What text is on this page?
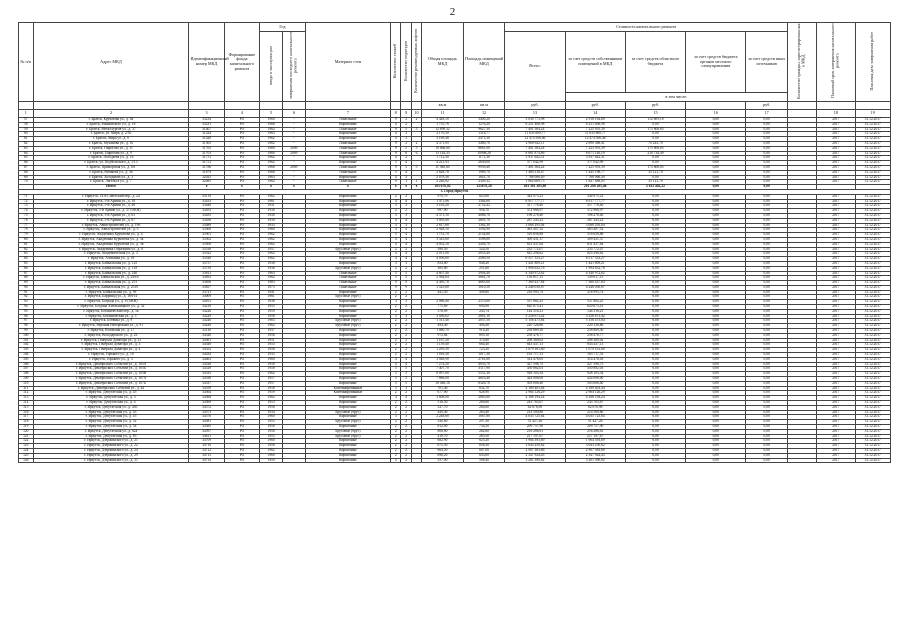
2
№ п/п	Адрес МКД	Идентификационный номер МКД	Формирование фонда капитального ремонта	Год		Материал стен	Количество этажей	Количество подъездов	Количество рекомендуемых лифтов	Общая площадь МКД	Площадь помещений МКД	Стоимость капитального ремонта					Количество граждан, зарегистрированных в МКД	Плановый срок завершения капитального ремонта	Плановая дата завершения работ
				ввода в эксплуатацию	завершения последнего капитального ремонта							Всего:	за счет средств собственников помещений в МКД	за счет средств областного бюджета	за счет средств бюджета органов местного самоуправления	за счет средств иных источников			
													в том числе:						
										кв.м	кв.м	руб.	руб.	руб.		руб.			
1	2	3	4	5	6	7	8	9	10	11	12	13	14	15	16	17		18	19
57	г. Братск, Курчатова ул., д. 64	33234	РО	1960	-	Панельные	9	2	2	4 428,10	3400,20	3 030 773,98	2 918 164,80	112 609,18	0,00	0,00		2017	31.12.2017
58	г. Братск, Маяковского ул., д. 18	33231	РО	1968	-	Кирпичные	4	2		1 755,76	1276,20	6 251 406,98	6 251 406,98	0,00	0,00	0,00		2017	31.12.2017
59	г. Братск, Металлургов ул., д. 37	31407	РО	1962	-	Панельные	9	5	5	12 899,32	9627,30	7 401 564,24	7 225 955,39	175 608,85	0,00	0,00		2017	31.12.2017
60	г. Братск, ул. Мира, д. 2/30	31424	РО	1963	-	Кирпичные	4	3		2 170,30	1318,77	11 635 800,77	11 635 800,77	0,00	0,00	0,00		2017	31.12.2017
61	г. Братск, Мира ул., д. 6	31420	РО	1962	-	Кирпичные	4	3		3 169,48	2473,30	12 474 506,46	12 474 506,46	0,00	0,00	0,00		2017	31.12.2017
62	г. Братск, Муханова ул., д. 16	31503	РО	1982	-	Панельные	9	2	2	4 371,95	3480,70	2 960 632,11	2 890 388,41	70 243,70	0,00	0,00		2017	31.12.2017
63	г. Братск, Пирогова ул., д. 11	31705	РО	1980	2009	Панельные	9	5	5	10 666,60	8681,00	7 401 564,24	7 225 955,39	175 608,85	0,00	0,00		2017	31.12.2017
64	г. Братск, Пирогова ул., д. 9	31703	РО	1980	2009	Панельные	9	6	6	13 144,35	10908,28	8 881 874,86	8 671 140,19	210 734,49	0,00	0,00		2017	31.12.2017
65	г. Братск, Погодаева ул., д. 16	31751	РО	1962	-	Кирпичные	4	2		1 712,30	1171,30	3 937 642,31	3 937 642,31	0,00	0,00	0,00		2017	31.12.2017
66	г. Братск, ул. Подбельского, д. 1/13	31751	РО	1962	-	Кирпичные	5	4		4 221,93	2630,00	377 042,99	377 042,99	0,00	0,00	0,00		2017	31.12.2017
67	г. Братск, Приморская ул., д. 6А	31786	РО	1968	2009	Панельные	9	5	5	11 948,60	9939,40	7 401 564,24	7 225 955,39	175 608,85	0,00	0,00		2017	31.12.2017
68	г. Братск, Рябикова ул., д. 36	31879	РО	1968	-	Панельные	5	4		2 628,78	1989,70	1 480 318,47	1 445 198,77	35 121,70	0,00	0,00		2017	31.12.2017
69	г. Братск, Холоднова ул., д. 3	32025	РО	1963	-	Кирпичные	4	3		2 078,38	1641,70	7 768 066,49	7 768 066,49	0,00	0,00	0,00		2017	31.12.2017
70	г. Братск, Энгельса ул., д. 7	32085	РО	1962	-	Панельные	9	1	1	2 246,92	2349,32	1 882 609,75	1 847 488,05	35 121,70	0,00	0,00		2017	31.12.2017
	Итого	х	х	х	х	х	х	х	х	185 676,02	125878,28	203 391 305,80	201 288 285,46	2 612 482,22	0,00	0,00			
3. Город Иркутск																			
71	г. Иркутск, 14-й Советский пер., д. 24	35119	РО	1962		Кирпичные	2	2		970,70	825,00	344 975,23	344 975,23	0,00	0,00	0,00		2017	31.12.2017
72	г. Иркутск, 5-й Армии ул., д. 18	33433	РО	1961		Кирпичные	4	4		1 471,06	1364,60	6 917 777,77	6 917 777,77	0,00	0,00	0,00		2017	31.12.2017
73	г. Иркутск, 5-й Армии ул., д. 48	33448	РО	1931		Кирпичные	3	3		3 163,20	2752,42	317 778,40	317 778,40	0,00	0,00	0,00		2017	31.12.2017
74	г. Иркутск, 5-й Армии ул., д. 57 (ОКН)	33453	РО	1930		Кирпичные	2	2		997,90	956,70	372 966,97	372 966,97	0,00	0,00	0,00		2017	31.12.2017
75	г. Иркутск, 5-й Армии ул., д. 63	33455	РО	1930		Кирпичные	3	3		4 371,10	4086,70	198 278,40	198 278,40	0,00	0,00	0,00		2017	31.12.2017
76	г. Иркутск, 5-й Армии ул., д. 67	33458	РО	1930		Кирпичные	4	4		3 095,80	2601,70	287 243,23	287 243,23	0,00	0,00	0,00		2017	31.12.2017
77	г. Иркутск, Авиастроителей ул., д. 19б	33489	РО	1933		Кирпичные	3	3		2 617,60	1362,30	3 068 295,04	3 068 295,04	0,00	0,00	0,00		2017	31.12.2017
78	г. Иркутск, Авиастроителей ул., д. 5	33500	РО	1960		Кирпичные	4	4		2 928,10	1592,90	483 407,52	483 407,52	0,00	0,00	0,00		2017	31.12.2017
79	г. Иркутск, Академика Курчатова ул., д. 4	33501	РО	1962		Кирпичные	5	4		1 731,70	2154,60	516 656,88	516 656,88	0,00	0,00	0,00		2017	31.12.2017
80	г. Иркутск, Академика Курчатова ул., д. 5а	33502	РО	1962		Кирпичные	4	4		3 543,60	1598,80	309 431,37	309 431,37	0,00	0,00	0,00		2017	31.12.2017
81	г. Иркутск, Академика Курчатова ул., д. 5в	33508	РО	1962		Кирпичные	4	4		4 052,10	2456,70	631 437,64	631 437,64	0,00	0,00	0,00		2017	31.12.2017
82	г. Иркутск, Академика Образцова ул., д. 8	33516	РО	1957		Брусовые (брус)	2	2		580,50	524,50	235 772,07	235 772,07	0,00	0,00	0,00		2017	31.12.2017
83	г. Иркутск, Академическая ул., д. 3	33522	РО	1962		Кирпичные	4	4		2 011,00	2033,40	825 296,62	825 296,62	0,00	0,00	0,00		2017	31.12.2017
84	г. Иркутск, Алмазная ул., д. 18	33526	РО	1962		Кирпичные	4	4		4 056,60	2589,50	6 517 333,27	6 517 333,27	0,00	0,00	0,00		2017	31.12.2017
85	г. Иркутск, Байкальская ул., д. 125	33757	РО	1938		Кирпичные	3	3		854,80	848,20	1 441 809,21	1 441 809,21	0,00	0,00	0,00		2017	31.12.2017
86	г. Иркутск, Байкальская ул., д. 129	33759	РО	1936		Брусовые (брус)	2	2		365,80	251,60	1 994 632,76	1 994 632,76	0,00	0,00	0,00		2017	31.12.2017
87	г. Иркутск, Байкальская ул., д. 240	33811	РО	1963		Панельные	5	5		4 607,40	2904,40	4 340 972,62	4 340 972,62	0,00	0,00	0,00		2017	31.12.2017
88	г. Иркутск, Байкальская ул., д. 249/4	33853	РО	1962		Панельные	5	5		2 564,84	3661,76	139 817,15	139 817,15	0,00	0,00	0,00		2017	31.12.2017
89	г. Иркутск, Байкальская ул., д. 251	33856	РО	1983		Панельные	9	9		4 495,70	4683,00	7 360 437,84	7 360 437,84	0,00	0,00	0,00		2017	31.12.2017
90	г. Иркутск, Байкальская ул., д. 251б	33857	РО	1975		Панельные	9	9		1 525,80	1010,50	4 246 030,87	4 246 030,87	0,00	0,00	0,00		2017	31.12.2017
91	г. Иркутск, Байкальская ул., д. 99	33721	РО	1941		Кирпичные	2	2		441,50	408,80	216 993,74	216 993,74	0,00	0,00	0,00		2017	31.12.2017
92	г. Иркутск, Баррикад ул., д. 169/14	34009	РО	1961		Брусовые (брус)	2	2						0,00	0,00	0,00		2017	31.12.2017
93	г. Иркутск, Бограда ул., д. 8 (ОКН)	34161	РО	1938		Кирпичные	3	3		2 086,40	2370,00	537 882,25	537 882,25	0,00	0,00	0,00		2017	31.12.2017
94	г. Иркутск, Богдана Хмельницкого ул., д. 32	34218	РО	1955		Кирпичные	2	2		775,69	694,06	620 875,41	620 875,41	0,00	0,00	0,00		2017	31.12.2017
95	г. Иркутск, Ботанический пер., д. 5а	34226	РО	1959		Кирпичные	2	2		376,09	243,74	144 316,21	144 316,21	0,00	0,00	0,00		2017	31.12.2017
96	г. Иркутск, Ботаническая ул., д. 3	34229	РО	1958		Кирпичные	3	3		3 036,02	2081,10	3 256 673,42	3 256 673,42	0,00	0,00	0,00		2017	31.12.2017
97	г. Иркутск, Ботвина ул., д. 9	34240	РО	1963		Брусовые (брус)	2	2		1 511,40	2037,50	5 156 475,84	5 156 475,84	0,00	0,00	0,00		2017	31.12.2017
98	г. Иркутск, Верхняя Набережная ул., д. 91	34249	РО	1962		Брусовые (брус)	2	2		494,40	494,40	220 126,86	220 126,86	0,00	0,00	0,00		2017	31.12.2017
99	г. Иркутск, Волжская ул., д. 17	33130	РО	1937		Кирпичные	2	2		1 080,70	914,20	258 869,30	258 869,30	0,00	0,00	0,00		2017	31.12.2017
100	г. Иркутск, Володарского ул., д. 23	34328	РО	1956		Кирпичные	2	2		972,84	895,10	258 476,77	258 476,77	0,00	0,00	0,00		2017	31.12.2017
101	г. Иркутск, Генерала Доватора ул., д. 21	34361	РО	1951		Кирпичные	2	2		1 167,20	374,60	208 360,02	208 360,02	0,00	0,00	0,00		2017	31.12.2017
102	г. Иркутск, Генерала Доватора ул., д. 3	34349	РО	1953		Кирпичные	2	2		1 159,40	664,40	843 437,13	843 437,13	0,00	0,00	0,00		2017	31.12.2017
103	г. Иркутск, Генерала Доватора ул., д. 4	34352	РО	1958		Кирпичные	2	2		1 295,50	723,20	1 079 161,60	1 079 161,60	0,00	0,00	0,00		2017	31.12.2017
104	г. Иркутск, Горького ул., д. 18	34434	РО	1935		Кирпичные	2	2		1 016,30	1017,30	163 717,53	163 717,53	0,00	0,00	0,00		2017	31.12.2017
105	г. Иркутск, Горького ул., д. 3	34463	РО	1960		Кирпичные	4	4		3 048,90	2761,80	314 476,05	314 476,05	0,00	0,00	0,00		2017	31.12.2017
106	г. Иркутск, Декабрьских Событий ул., д. 105А	34528	РО	1958		Кирпичные	4	4		7 274,20	4933,70	427 596,75	427 596,75	0,00	0,00	0,00		2017	31.12.2017
107	г. Иркутск, Декабрьских Событий ул., д. 105Б	34529	РО	1958		Кирпичные	5	5		7 407,70	3117,90	450 882,03	450 882,03	0,00	0,00	0,00		2017	31.12.2017
108	г. Иркутск, Декабрьских Событий ул., д. 105В	34535	РО	1962		Кирпичные	5	5		8 097,80	5531,30	928 103,34	928 103,34	0,00	0,00	0,00		2017	31.12.2017
109	г. Иркутск, Декабрьских Событий ул., д. 107А	34536	РО	1957		Кирпичные	5	5		7 866,00	4616,40	424 008,00	424 008,00	0,00	0,00	0,00		2017	31.12.2017
110	г. Иркутск, Декабрьских Событий ул., д. 107Б	34537	РО	1957		Кирпичные	5	5		10 046,18	6326,70	503 006,40	503 006,40	0,00	0,00	0,00		2017	31.12.2017
111	г. Иркутск, Декабрьских Событий ул., д. 44	34559	РО	1958		Комбинированные	3	3		701,40	632,70	4 189 403,44	4 189 403,44	0,00	0,00	0,00		2017	31.12.2017
112	г. Иркутск, Депутатская ул., д. 45	34564	РО	1959		Комбинированные	2	2		677,90	628,90	2 964 126,29	2 964 126,29	0,00	0,00	0,00		2017	31.12.2017
113	г. Иркутск, Депутатская ул., д. 3	34568	РО	1962		Кирпичные	4	4		3 608,00	2865,80	4 168 194,24	4 168 194,24	0,00	0,00	0,00		2017	31.12.2017
114	г. Иркутск, Депутатская ул., д. 4	34569	РО	1953		Кирпичные	2	2		516,50	286,80	243 763,67	243 763,67	0,00	0,00	0,00		2017	31.12.2017
115	г. Иркутск, Депутатская ул., д. 43б	34572	РО	1958		Кирпичные	2	2		327,70	284,60	62 676,98	62 676,98	0,00	0,00	0,00		2017	31.12.2017
116	г. Иркутск, Депутатская ул., д. 43	34573	РО	1934		Брусовые (брус)	2	2		449,40	263,40	214 500,80	214 500,80	0,00	0,00	0,00		2017	31.12.2017
117	г. Иркутск, Депутатская ул., д. 45	34576	РО	1960		Кирпичные	3	3		2 248,60	1067,80	4 035 725,64	4 035 725,64	0,00	0,00	0,00		2017	31.12.2017
118	г. Иркутск, Депутатская ул., д. 52	34581	РО	1955		Брусовые (брус)	2	2		540,60	297,30	51 427,26	51 427,26	0,00	0,00	0,00		2017	31.12.2017
119	г. Иркутск, Депутатская ул., д. 54	34585	РО	1958		Кирпичные	2	2		812,00	734,50	209 757,90	209 757,90	0,00	0,00	0,00		2017	31.12.2017
120	г. Иркутск, Депутатская ул., д. 62а	34597	РО	1958		Брусовые (брус)	2	2		808,80	262,60	216 286,61	216 286,61	0,00	0,00	0,00		2017	31.12.2017
121	г. Иркутск, Депутатская ул., д. 85	34611	РО	1955		Брусовые (брус)	2	2		419,70	265,50	217 197,67	217 197,67	0,00	0,00	0,00		2017	31.12.2017
122	г. Иркутск, Дзержинского ул., д. 21	34709	РО	1960		Кирпичные	2	2		682,90	625,20	1 904 393,69	1 904 393,69	0,00	0,00	0,00		2017	31.12.2017
123	г. Иркутск, Дзержинского ул., д. 22	34710	РО	1956		Кирпичные	2	2		675,50	656,30	3 043 250,62	3 043 250,62	0,00	0,00	0,00		2017	31.12.2017
124	г. Иркутск, Дзержинского ул., д. 24	34712	РО	1962		Кирпичные	2	2		664,50	607,00	2 907 383,86	2 907 383,86	0,00	0,00	0,00		2017	31.12.2017
125	г. Иркутск, Дзержинского ул., д. 29	34713	РО	1960		Кирпичные	2	2		696,20	643,00	2 347 924,43	2 347 924,43	0,00	0,00	0,00		2017	31.12.2017
126	г. Иркутск, Дзержинского ул., д. 31	34714	РО	1959		Кирпичные	2	2		557,00	508,40	3 201 390,82	3 201 390,82	0,00	0,00	0,00		2017	31.12.2017
